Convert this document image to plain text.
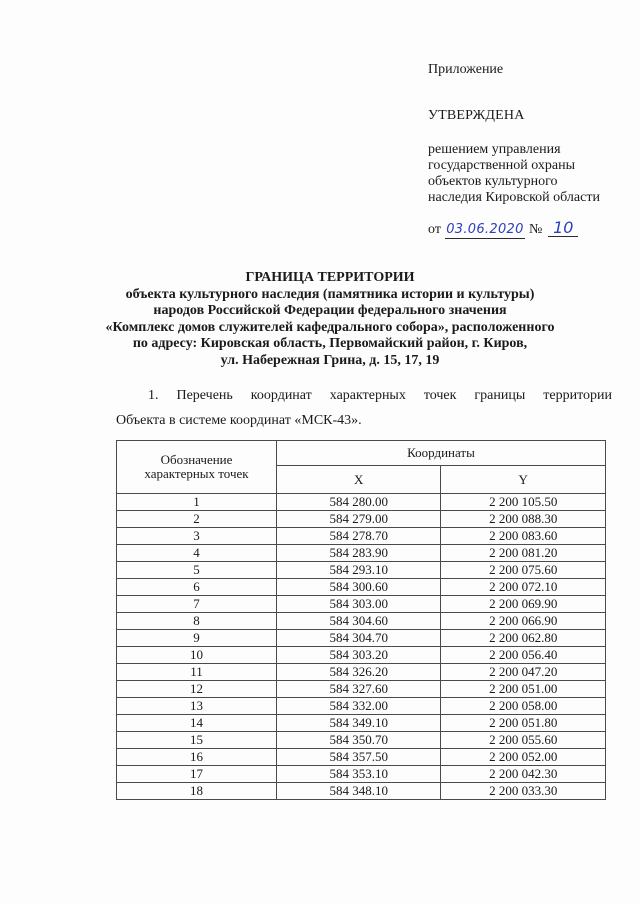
Приложение

УТВЕРЖДЕНА

решением управления
государственной охраны
объектов культурного
наследия Кировской области

от 03.06.2020 № 10

ГРАНИЦА ТЕРРИТОРИИ
объекта культурного наследия (памятника истории и культуры)
народов Российской Федерации федерального значения
«Комплекс домов служителей кафедрального собора», расположенного
по адресу: Кировская область, Первомайский район, г. Киров,
ул. Набережная Грина, д. 15, 17, 19
1. Перечень координат характерных точек границы территории
Объекта в системе координат «МСК-43».
Обозначение
характерных точек	Координаты	
	X	Y
1	584 280.00	2 200 105.50
2	584 279.00	2 200 088.30
3	584 278.70	2 200 083.60
4	584 283.90	2 200 081.20
5	584 293.10	2 200 075.60
6	584 300.60	2 200 072.10
7	584 303.00	2 200 069.90
8	584 304.60	2 200 066.90
9	584 304.70	2 200 062.80
10	584 303.20	2 200 056.40
11	584 326.20	2 200 047.20
12	584 327.60	2 200 051.00
13	584 332.00	2 200 058.00
14	584 349.10	2 200 051.80
15	584 350.70	2 200 055.60
16	584 357.50	2 200 052.00
17	584 353.10	2 200 042.30
18	584 348.10	2 200 033.30
